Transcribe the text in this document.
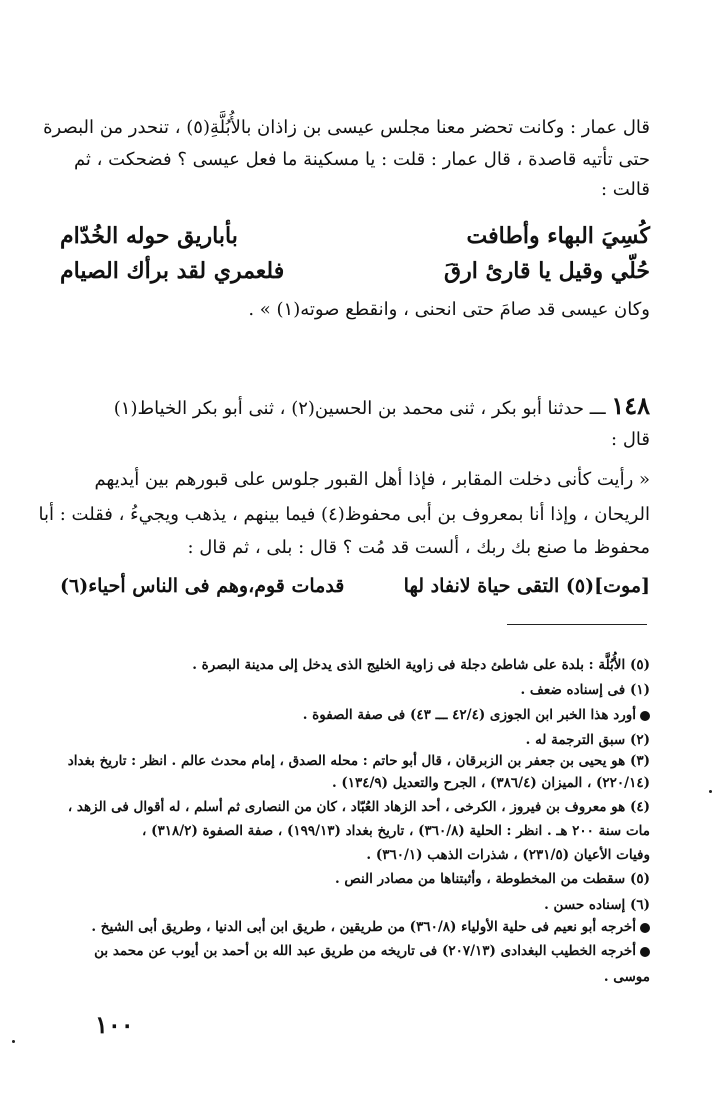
قال عمار : وكانت تحضر معنا مجلس عيسى بن زاذان بالأُبُلَّةِ(٥) ، تنحدر من البصرة
حتى تأتيه قاصدة ، قال عمار : قلت : يا مسكينة ما فعل عيسى ؟ فضحكت ، ثم
قالت :
كُسِيَ البهاء وأطافت
بأباريق حوله الخُدّام
حُلّي وقيل يا قارئ ارقَ
فلعمري لقد برأك الصيام
وكان عيسى قد صامَ حتى انحنى ، وانقطع صوته(١) » .
١٤٨ ـــ حدثنا أبو بكر ، ثنى محمد بن الحسين(٢) ، ثنى أبو بكر الخياط(١)
قال :
« رأيت كأنى دخلت المقابر ، فإذا أهل القبور جلوس على قبورهم بين أيديهم
الريحان ، وإذا أنا بمعروف بن أبى محفوظ(٤) فيما بينهم ، يذهب ويجيءُ ، فقلت : أبا
محفوظ ما صنع بك ربك ، ألست قد مُت ؟ قال : بلى ، ثم قال :
[موت](٥) التقى حياة لانفاد لها
قدمات قوم،وهم فى الناس أحياء(٦)
(٥) الأُبُلَّة : بلدة على شاطئ دجلة فى زاوية الخليج الذى يدخل إلى مدينة البصرة .
(١) فى إسناده ضعف .
أورد هذا الخبر ابن الجوزى (٤٢/٤ ـــ ٤٣) فى صفة الصفوة .
(٢) سبق الترجمة له .
(٣) هو يحيى بن جعفر بن الزبرقان ، قال أبو حاتم : محله الصدق ، إمام محدث عالم . انظر : تاريخ بغداد
(٢٢٠/١٤) ، الميزان (٣٨٦/٤) ، الجرح والتعديل (١٣٤/٩) .
(٤) هو معروف بن فيروز ، الكرخى ، أحد الزهاد العُبّاد ، كان من النصارى ثم أسلم ، له أقوال فى الزهد ،
مات سنة ٢٠٠ هـ . انظر : الحلية (٣٦٠/٨) ، تاريخ بغداد (١٩٩/١٣) ، صفة الصفوة (٣١٨/٢) ،
وفيات الأعيان (٢٣١/٥) ، شذرات الذهب (٣٦٠/١) .
(٥) سقطت من المخطوطة ، وأثبتناها من مصادر النص .
(٦) إسناده حسن .
أخرجه أبو نعيم فى حلية الأولياء (٣٦٠/٨) من طريقين ، طريق ابن أبى الدنيا ، وطريق أبى الشيخ .
أخرجه الخطيب البغدادى (٢٠٧/١٣) فى تاريخه من طريق عبد الله بن أحمد بن أيوب عن محمد بن
موسى .
١٠٠
